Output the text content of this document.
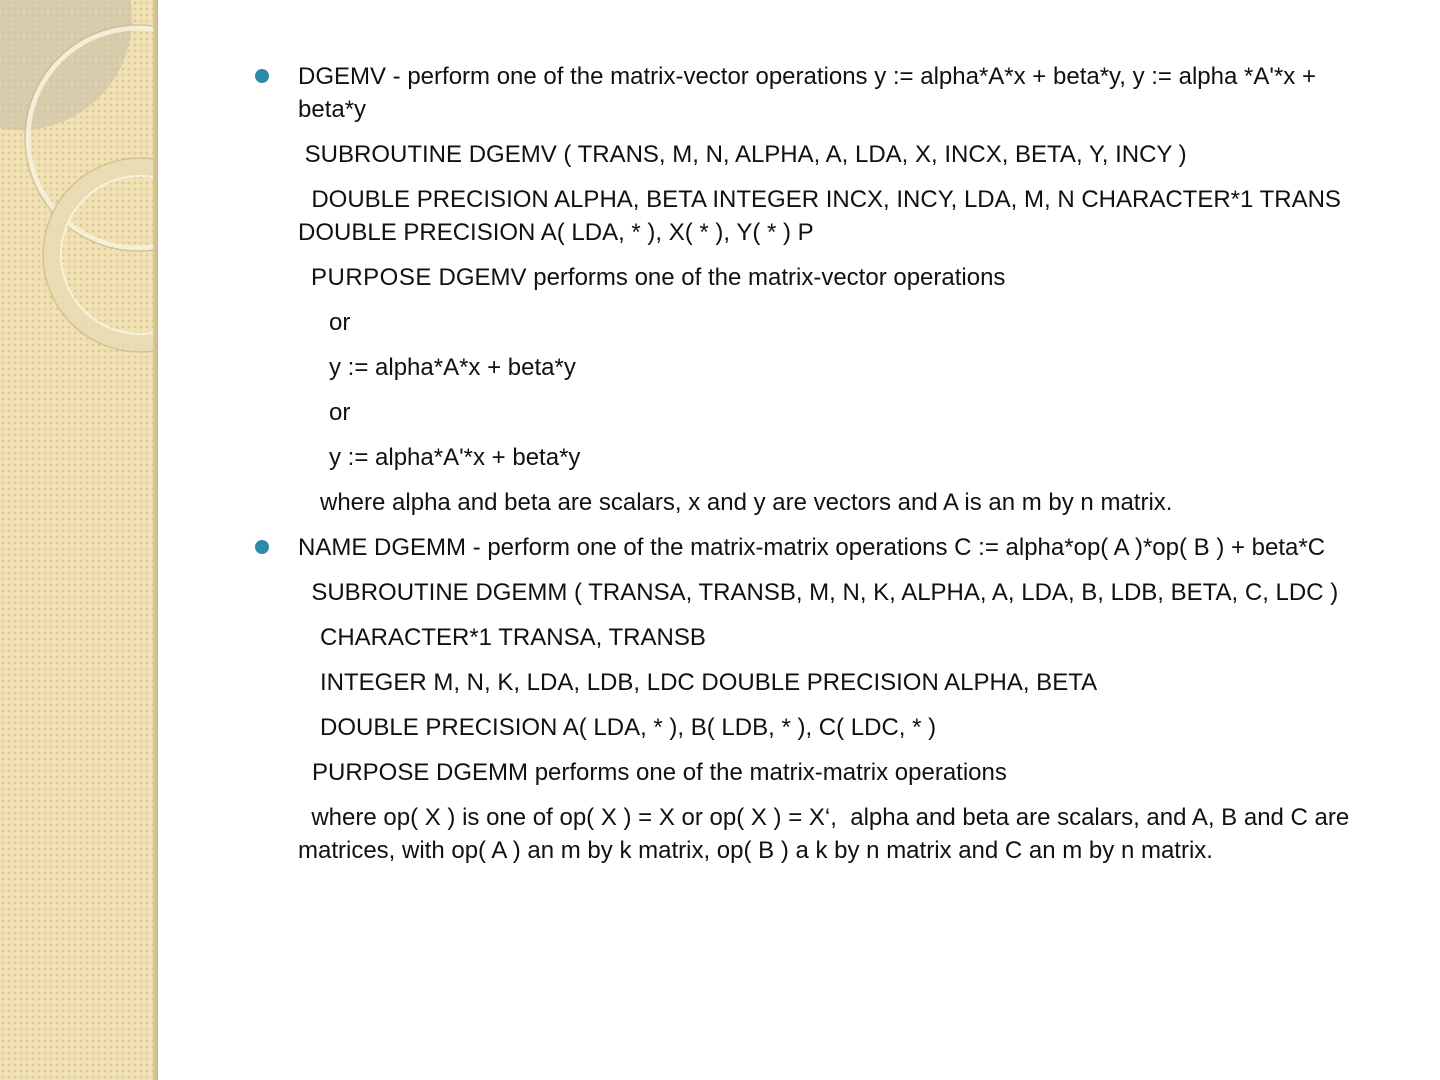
DGEMV - perform one of the matrix-vector operations y := alpha*A*x + beta*y, y := alpha *A'*x + beta*y
SUBROUTINE DGEMV ( TRANS, M, N, ALPHA, A, LDA, X, INCX, BETA, Y, INCY )
DOUBLE PRECISION ALPHA, BETA INTEGER INCX, INCY, LDA, M, N CHARACTER*1 TRANS DOUBLE PRECISION A( LDA, * ), X( * ), Y( * ) P
PURPOSE DGEMV performs one of the matrix-vector operations
or
y := alpha*A*x + beta*y
or
y := alpha*A'*x + beta*y
where alpha and beta are scalars, x and y are vectors and A is an m by n matrix.
NAME DGEMM - perform one of the matrix-matrix operations C := alpha*op( A )*op( B ) + beta*C
SUBROUTINE DGEMM ( TRANSA, TRANSB, M, N, K, ALPHA, A, LDA, B, LDB, BETA, C, LDC )
CHARACTER*1 TRANSA, TRANSB
INTEGER M, N, K, LDA, LDB, LDC DOUBLE PRECISION ALPHA, BETA
DOUBLE PRECISION A( LDA, * ), B( LDB, * ), C( LDC, * )
PURPOSE DGEMM performs one of the matrix-matrix operations
where op( X ) is one of op( X ) = X or op( X ) = X‘,  alpha and beta are scalars, and A, B and C are matrices, with op( A ) an m by k matrix, op( B ) a k by n matrix and C an m by n matrix.
